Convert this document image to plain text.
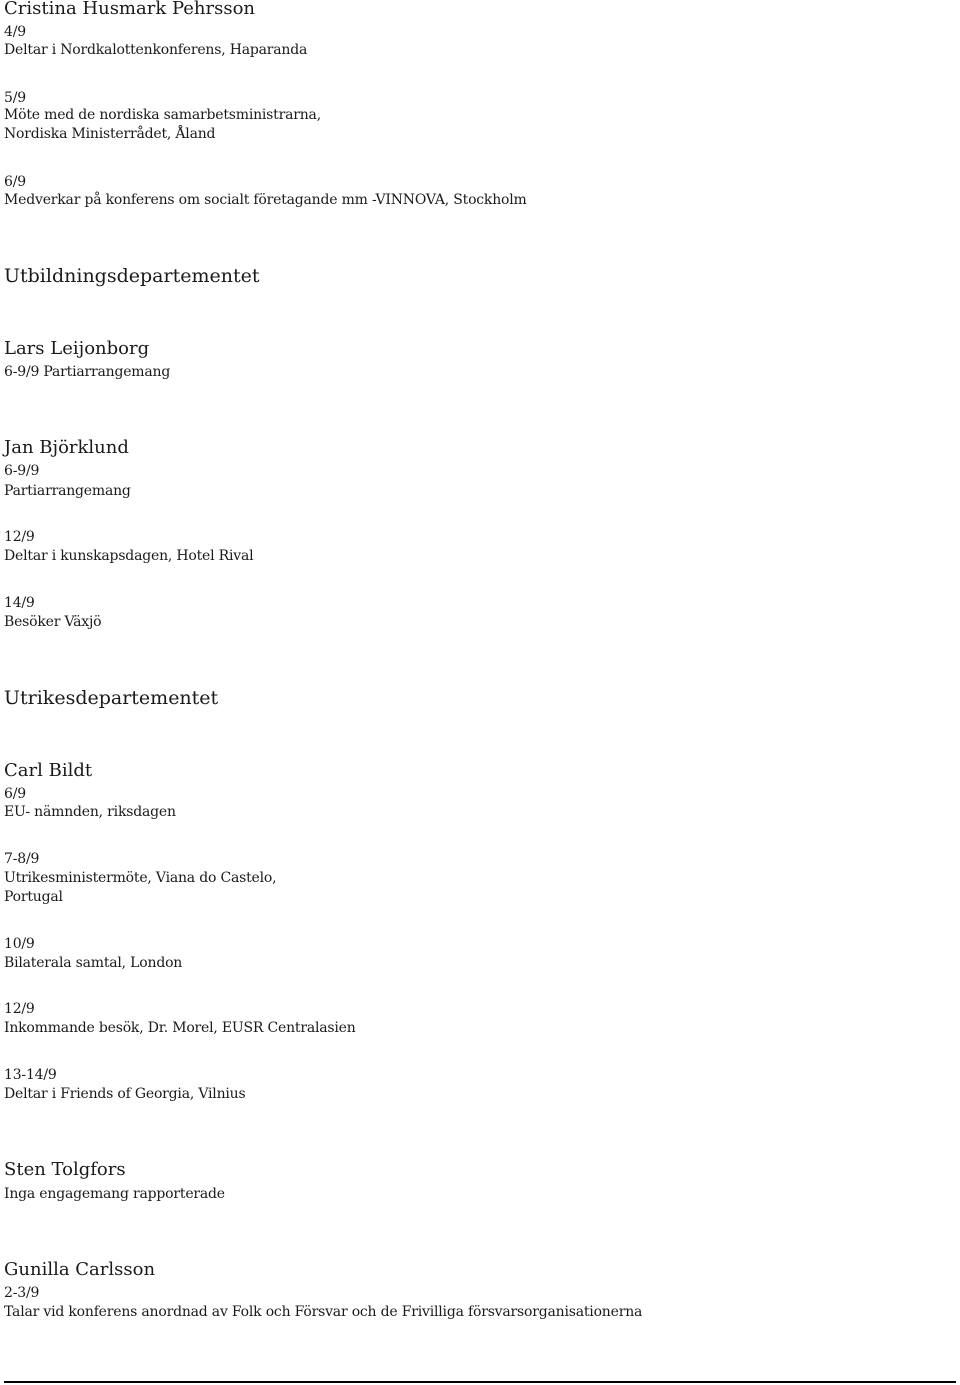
Cristina Husmark Pehrsson

4/9

Deltar i Nordkalottenkonferens, Haparanda

5/9

Möte med de nordiska samarbetsministrarna,

Nordiska Ministerrådet, Åland

6/9

Medverkar på konferens om socialt företagande mm -VINNOVA, Stockholm

Utbildningsdepartementet

Lars Leijonborg

6-9/9 Partiarrangemang

Jan Björklund

6-9/9

Partiarrangemang

12/9

Deltar i kunskapsdagen, Hotel Rival

14/9

Besöker Växjö

Utrikesdepartementet

Carl Bildt

6/9

EU- nämnden, riksdagen

7-8/9

Utrikesministermöte, Viana do Castelo,

Portugal

10/9

Bilaterala samtal, London

12/9

Inkommande besök, Dr. Morel, EUSR Centralasien

13-14/9

Deltar i Friends of Georgia, Vilnius

Sten Tolgfors

Inga engagemang rapporterade

Gunilla Carlsson

2-3/9

Talar vid konferens anordnad av Folk och Försvar och de Frivilliga försvarsorganisationerna
